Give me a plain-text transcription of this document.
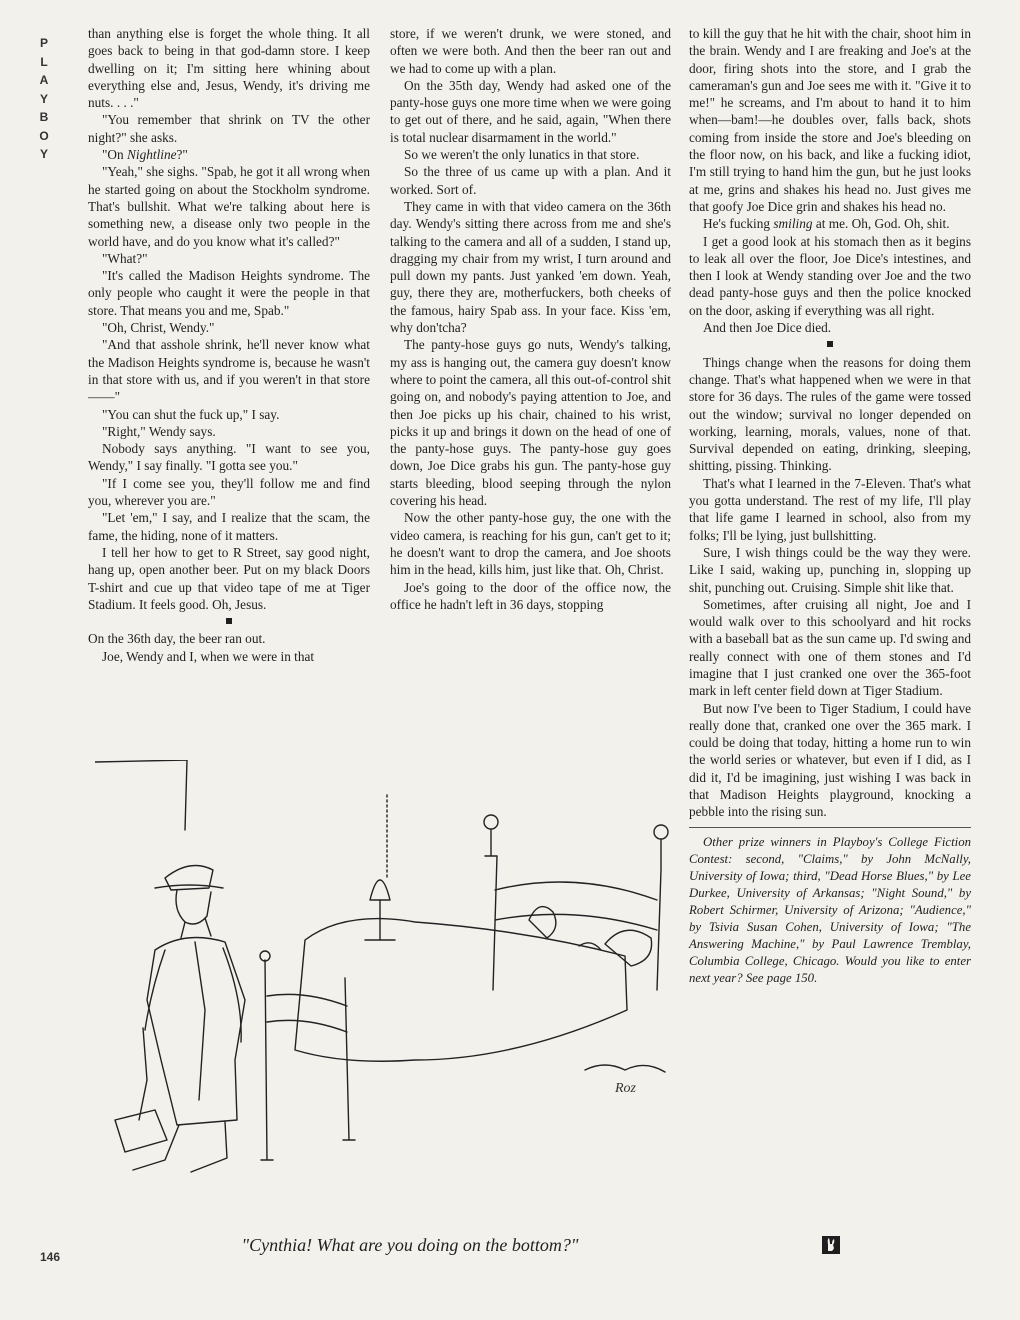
P
L
A
Y
B
O
Y

than anything else is forget the whole thing. It all goes back to being in that god-damn store. I keep dwelling on it; I'm sitting here whining about everything else and, Jesus, Wendy, it's driving me nuts. . . ."

"You remember that shrink on TV the other night?" she asks.

"On Nightline?"

"Yeah," she sighs. "Spab, he got it all wrong when he started going on about the Stockholm syndrome. That's bullshit. What we're talking about here is something new, a disease only two people in the world have, and do you know what it's called?"

"What?"

"It's called the Madison Heights syndrome. The only people who caught it were the people in that store. That means you and me, Spab."

"Oh, Christ, Wendy."

"And that asshole shrink, he'll never know what the Madison Heights syndrome is, because he wasn't in that store with us, and if you weren't in that store——"

"You can shut the fuck up," I say.

"Right," Wendy says.

Nobody says anything. "I want to see you, Wendy," I say finally. "I gotta see you."

"If I come see you, they'll follow me and find you, wherever you are."

"Let 'em," I say, and I realize that the scam, the fame, the hiding, none of it matters.

I tell her how to get to R Street, say good night, hang up, open another beer. Put on my black Doors T-shirt and cue up that video tape of me at Tiger Stadium. It feels good. Oh, Jesus.

On the 36th day, the beer ran out.

Joe, Wendy and I, when we were in that

store, if we weren't drunk, we were stoned, and often we were both. And then the beer ran out and we had to come up with a plan.

On the 35th day, Wendy had asked one of the panty-hose guys one more time when we were going to get out of there, and he said, again, "When there is total nuclear disarmament in the world."

So we weren't the only lunatics in that store.

So the three of us came up with a plan. And it worked. Sort of.

They came in with that video camera on the 36th day. Wendy's sitting there across from me and she's talking to the camera and all of a sudden, I stand up, dragging my chair from my wrist, I turn around and pull down my pants. Just yanked 'em down. Yeah, guy, there they are, motherfuckers, both cheeks of the famous, hairy Spab ass. In your face. Kiss 'em, why don'tcha?

The panty-hose guys go nuts, Wendy's talking, my ass is hanging out, the camera guy doesn't know where to point the camera, all this out-of-control shit going on, and nobody's paying attention to Joe, and then Joe picks up his chair, chained to his wrist, picks it up and brings it down on the head of one of the panty-hose guys. The panty-hose guy goes down, Joe Dice grabs his gun. The panty-hose guy starts bleeding, blood seeping through the nylon covering his head.

Now the other panty-hose guy, the one with the video camera, is reaching for his gun, can't get to it; he doesn't want to drop the camera, and Joe shoots him in the head, kills him, just like that. Oh, Christ.

Joe's going to the door of the office now, the office he hadn't left in 36 days, stopping

to kill the guy that he hit with the chair, shoot him in the brain. Wendy and I are freaking and Joe's at the door, firing shots into the store, and I grab the cameraman's gun and Joe sees me with it. "Give it to me!" he screams, and I'm about to hand it to him when—bam!—he doubles over, falls back, shots coming from inside the store and Joe's bleeding on the floor now, on his back, and like a fucking idiot, I'm still trying to hand him the gun, but he just looks at me, grins and shakes his head no. Just gives me that goofy Joe Dice grin and shakes his head no.

He's fucking smiling at me. Oh, God. Oh, shit.

I get a good look at his stomach then as it begins to leak all over the floor, Joe Dice's intestines, and then I look at Wendy standing over Joe and the two dead panty-hose guys and then the police knocked on the door, asking if everything was all right.

And then Joe Dice died.

Things change when the reasons for doing them change. That's what happened when we were in that store for 36 days. The rules of the game were tossed out the window; survival no longer depended on working, learning, morals, values, none of that. Survival depended on eating, drinking, sleeping, shitting, pissing. Thinking.

That's what I learned in the 7-Eleven. That's what you gotta understand. The rest of my life, I'll play that life game I learned in school, also from my folks; I'll be lying, just bullshitting.

Sure, I wish things could be the way they were. Like I said, waking up, punching in, slopping up shit, punching out. Cruising. Simple shit like that.

Sometimes, after cruising all night, Joe and I would walk over to this schoolyard and hit rocks with a baseball bat as the sun came up. I'd swing and really connect with one of them stones and I'd imagine that I just cranked one over the 365-foot mark in left center field down at Tiger Stadium.

But now I've been to Tiger Stadium, I could have really done that, cranked one over the 365 mark. I could be doing that today, hitting a home run to win the world series or whatever, but even if I did, as I did it, I'd be imagining, just wishing I was back in that Madison Heights playground, knocking a pebble into the rising sun.

Other prize winners in Playboy's College Fiction Contest: second, "Claims," by John McNally, University of Iowa; third, "Dead Horse Blues," by Lee Durkee, University of Arkansas; "Night Sound," by Robert Schirmer, University of Arizona; "Audience," by Tsivia Susan Cohen, University of Iowa; "The Answering Machine," by Paul Lawrence Tremblay, Columbia College, Chicago. Would you like to enter next year? See page 150.

Roz
"Cynthia! What are you doing on the bottom?"
146
